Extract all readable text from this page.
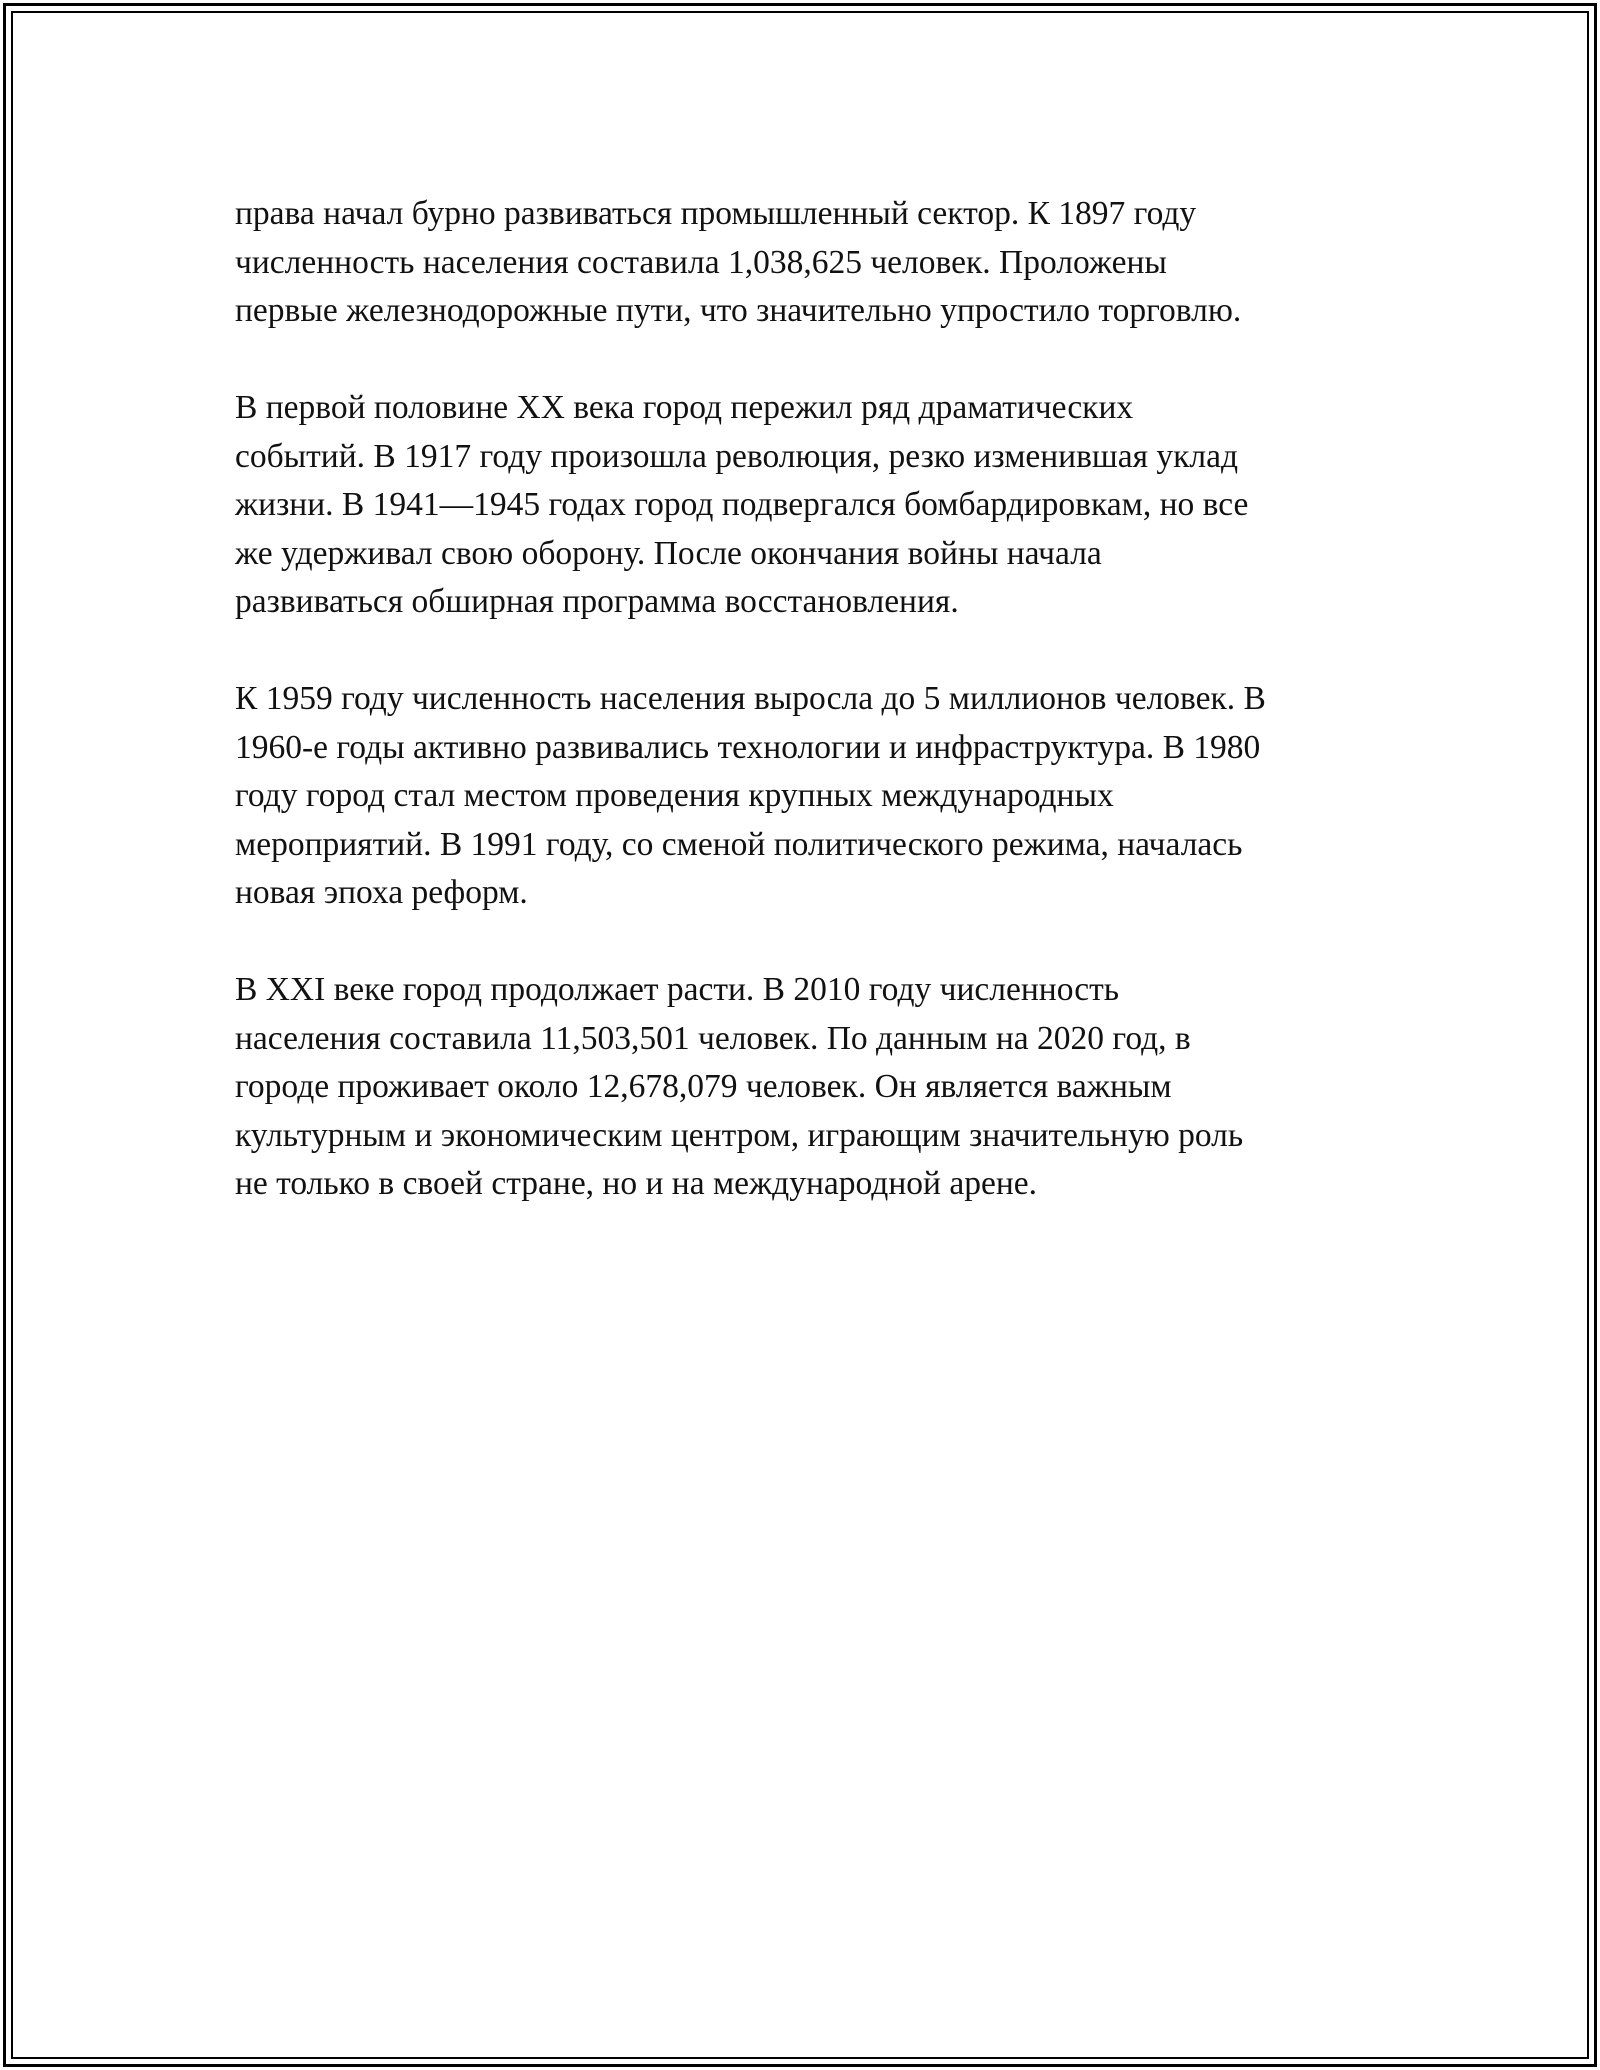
права начал бурно развиваться промышленный сектор. К 1897 году
численность населения составила 1,038,625 человек. Проложены
первые железнодорожные пути, что значительно упростило торговлю.

В первой половине XX века город пережил ряд драматических
событий. В 1917 году произошла революция, резко изменившая уклад
жизни. В 1941—1945 годах город подвергался бомбардировкам, но все
же удерживал свою оборону. После окончания войны начала
развиваться обширная программа восстановления.

К 1959 году численность населения выросла до 5 миллионов человек. В
1960-е годы активно развивались технологии и инфраструктура. В 1980
году город стал местом проведения крупных международных
мероприятий. В 1991 году, со сменой политического режима, началась
новая эпоха реформ.

В XXI веке город продолжает расти. В 2010 году численность
населения составила 11,503,501 человек. По данным на 2020 год, в
городе проживает около 12,678,079 человек. Он является важным
культурным и экономическим центром, играющим значительную роль
не только в своей стране, но и на международной арене.
